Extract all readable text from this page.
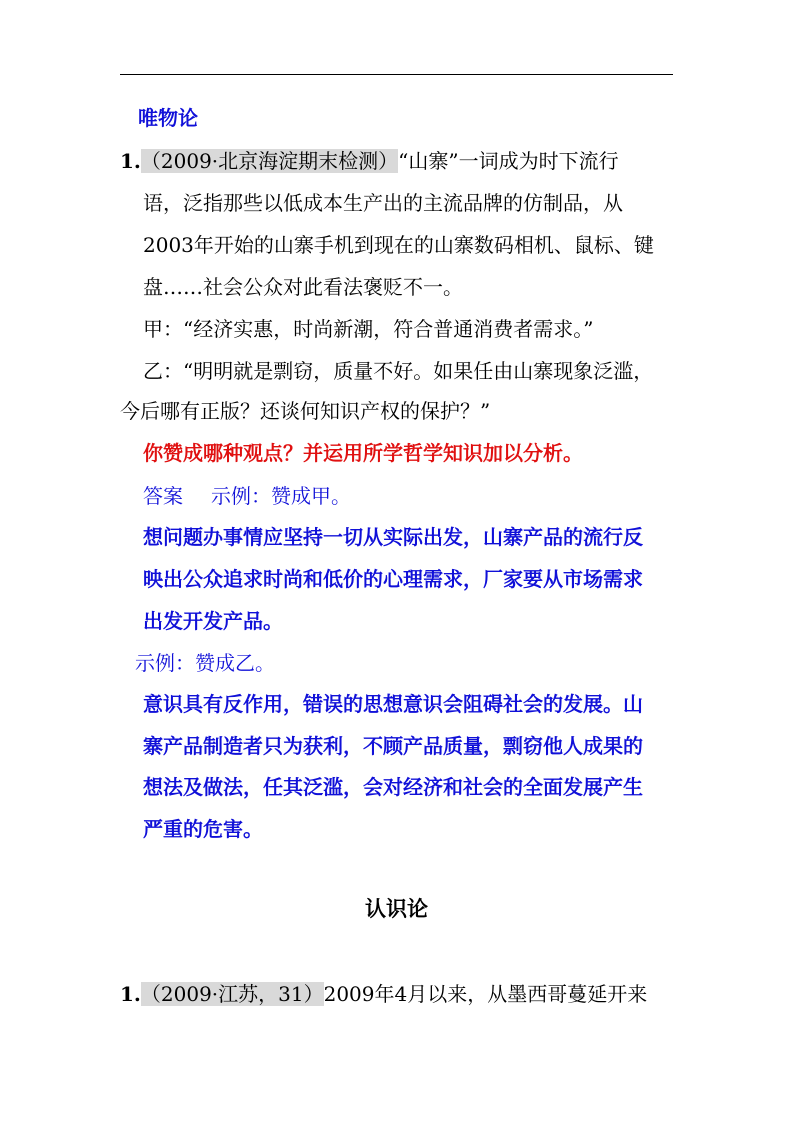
唯物论
1.（2009·北京海淀期末检测）“山寨”一词成为时下流行
语，泛指那些以低成本生产出的主流品牌的仿制品，从
2003年开始的山寨手机到现在的山寨数码相机、鼠标、键
盘……社会公众对此看法褒贬不一。
甲：“经济实惠，时尚新潮，符合普通消费者需求。”
乙：“明明就是剽窃，质量不好。如果任由山寨现象泛滥，
今后哪有正版？还谈何知识产权的保护？”
你赞成哪种观点？并运用所学哲学知识加以分析。
答案 示例：赞成甲。
想问题办事情应坚持一切从实际出发，山寨产品的流行反
映出公众追求时尚和低价的心理需求，厂家要从市场需求
出发开发产品。
示例：赞成乙。
意识具有反作用，错误的思想意识会阻碍社会的发展。山
寨产品制造者只为获利，不顾产品质量，剽窃他人成果的
想法及做法，任其泛滥，会对经济和社会的全面发展产生
严重的危害。
认识论
1.（2009·江苏，31）2009年4月以来，从墨西哥蔓延开来
